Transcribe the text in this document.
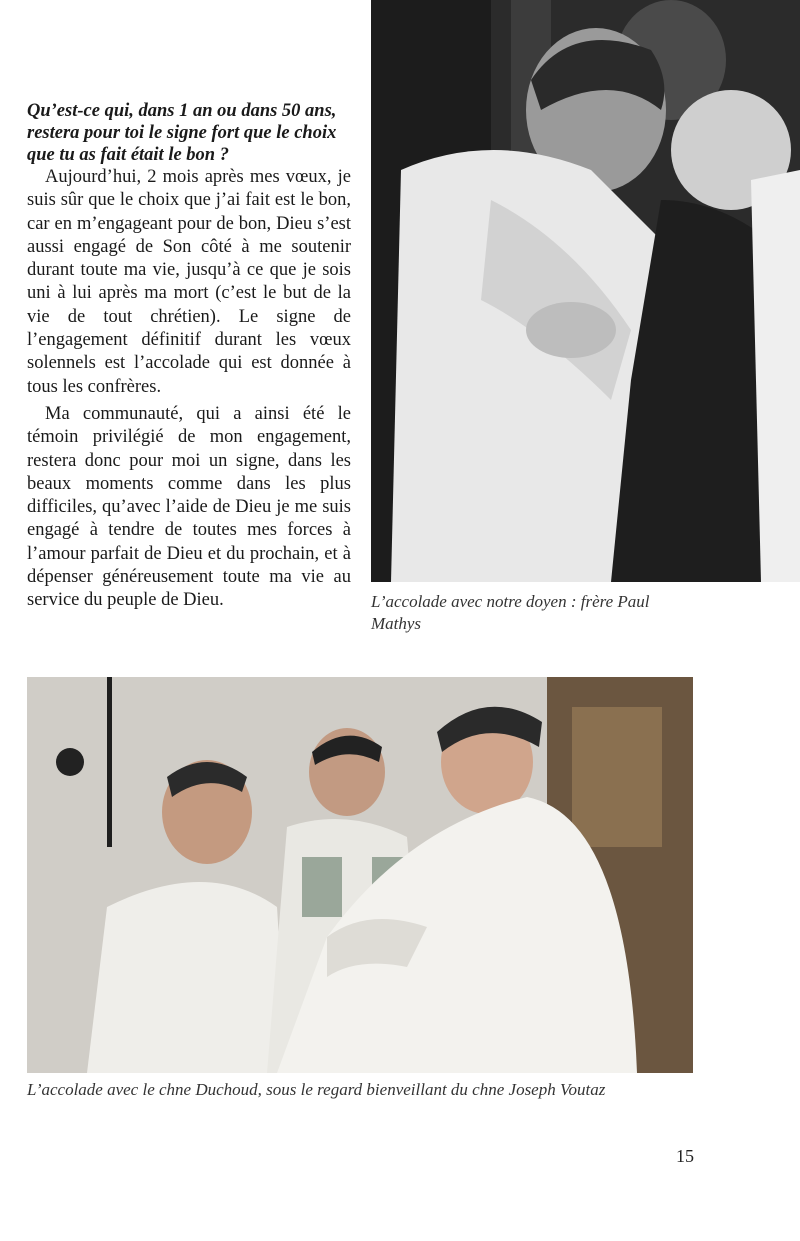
Qu’est-ce qui, dans 1 an ou dans 50 ans, restera pour toi le signe fort que le choix que tu as fait était le bon ?

Aujourd’hui, 2 mois après mes vœux, je suis sûr que le choix que j’ai fait est le bon, car en m’engageant pour de bon, Dieu s’est aussi engagé de Son côté à me soutenir durant toute ma vie, jusqu’à ce que je sois uni à lui après ma mort (c’est le but de la vie de tout chrétien). Le signe de l’engagement définitif durant les vœux solennels est l’accolade qui est donnée à tous les confrères.

Ma communauté, qui a ainsi été le témoin privilégié de mon engagement, restera donc pour moi un signe, dans les beaux moments comme dans les plus difficiles, qu’avec l’aide de Dieu je me suis engagé à tendre de toutes mes forces à l’amour parfait de Dieu et du prochain, et à dépenser généreusement toute ma vie au service du peuple de Dieu.	L’accolade avec notre doyen : frère Paul Mathys
L’accolade avec le chne Duchoud, sous le regard bienveillant du chne Joseph Voutaz
15
